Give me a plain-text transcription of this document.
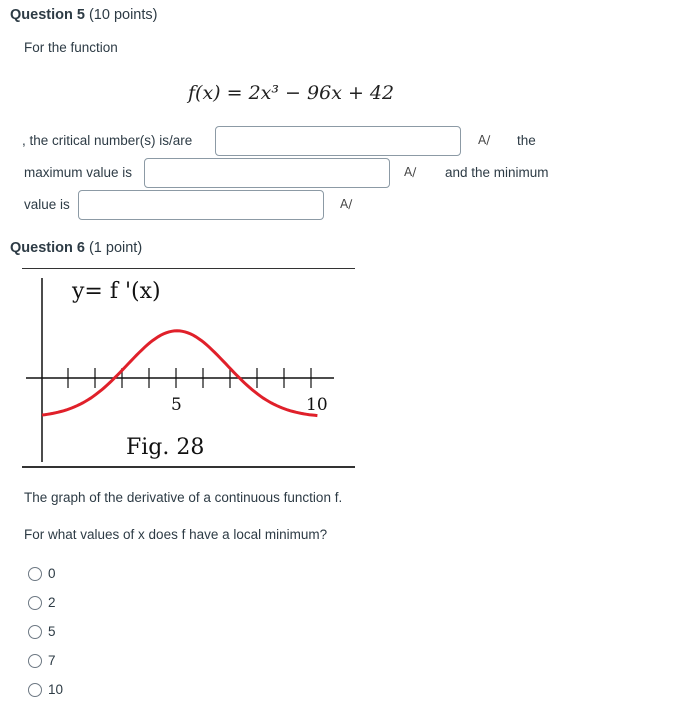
Question 5 (10 points)
For the function
f(x) = 2x³ − 96x + 42
, the critical number(s) is/are	A∕ the
maximum value is	A∕ and the minimum
value is	A∕
Question 6 (1 point)
y= f '(x)
5	10
Fig. 28
The graph of the derivative of a continuous function f.
For what values of x does f have a local minimum?
0
2
5
7
10
